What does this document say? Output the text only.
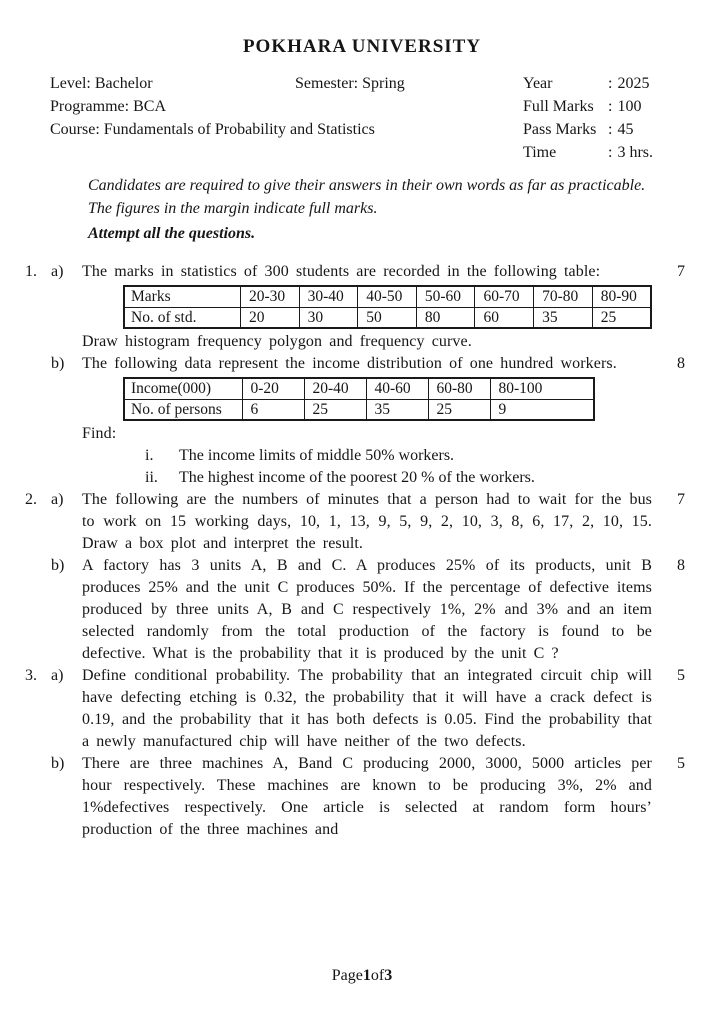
POKHARA UNIVERSITY
Level: Bachelor
Programme: BCA
Course: Fundamentals of Probability and Statistics
Semester: Spring	Year	: 2025
Full Marks : 100
Pass Marks : 45
Time	: 3 hrs.
Candidates are required to give their answers in their own words as far as practicable.
The figures in the margin indicate full marks.
Attempt all the questions.
1. a)	The marks in statistics of 300 students are recorded in the following table:
Marks	20-30	30-40	40-50	50-60	60-70	70-80	80-90
No. of std.	20	30	50	80	60	35	25
Draw histogram frequency polygon and frequency curve.
7
b)	The following data represent the income distribution of one hundred workers.
Income(000)	0-20	20-40	40-60	60-80	80-100
No. of persons	6	25	35	25	9
Find:
i.	The income limits of middle 50% workers.
ii.	The highest income of the poorest 20 % of the workers.
8
2. a)	The following are the numbers of minutes that a person had to wait for the bus to work on 15 working days, 10, 1, 13, 9, 5, 9, 2, 10, 3, 8, 6, 17, 2, 10, 15.  Draw a box plot and interpret the result.
7
b)	A factory has 3 units A, B and C. A produces 25% of its products, unit B produces 25% and the unit C produces 50%. If the percentage of defective items produced by three units A, B and C respectively 1%, 2% and 3% and an item selected randomly from the total production of the factory is found to be defective. What is the probability that it is produced by the unit C ?
8
3. a)	Define conditional probability. The probability that an integrated circuit chip will have defecting etching is 0.32, the probability that it will have a crack defect is 0.19, and the probability that it has both defects is 0.05. Find the probability that a newly manufactured chip will have neither of the two defects.
5
b)	There are three machines A, Band C producing 2000, 3000, 5000 articles per hour respectively. These machines are known to be producing 3%, 2% and 1%defectives respectively. One article is selected at random form hours’ production of the three machines and
5
Page1of3
